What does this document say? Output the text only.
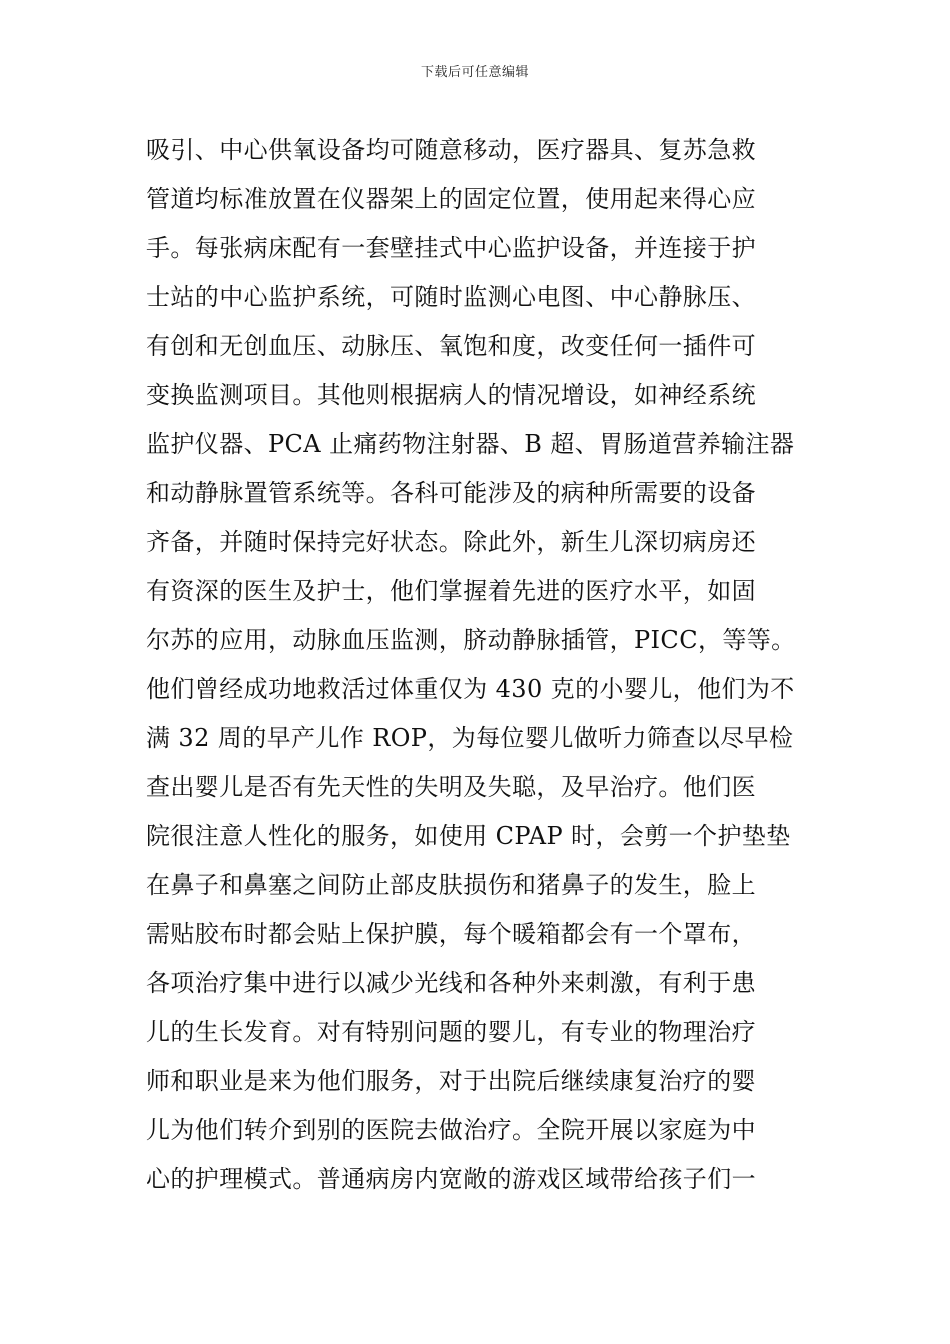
下载后可任意编辑
吸引、中心供氧设备均可随意移动，医疗器具、复苏急救
管道均标准放置在仪器架上的固定位置，使用起来得心应
手。每张病床配有一套壁挂式中心监护设备，并连接于护
士站的中心监护系统，可随时监测心电图、中心静脉压、
有创和无创血压、动脉压、氧饱和度，改变任何一插件可
变换监测项目。其他则根据病人的情况增设，如神经系统
监护仪器、PCA 止痛药物注射器、B 超、胃肠道营养输注器
和动静脉置管系统等。各科可能涉及的病种所需要的设备
齐备，并随时保持完好状态。除此外，新生儿深切病房还
有资深的医生及护士，他们掌握着先进的医疗水平，如固
尔苏的应用，动脉血压监测，脐动静脉插管，PICC，等等。
他们曾经成功地救活过体重仅为 430 克的小婴儿，他们为不
满 32 周的早产儿作 ROP，为每位婴儿做听力筛查以尽早检
查出婴儿是否有先天性的失明及失聪，及早治疗。他们医
院很注意人性化的服务，如使用 CPAP 时，会剪一个护垫垫
在鼻子和鼻塞之间防止部皮肤损伤和猪鼻子的发生，脸上
需贴胶布时都会贴上保护膜，每个暖箱都会有一个罩布，
各项治疗集中进行以减少光线和各种外来刺激，有利于患
儿的生长发育。对有特别问题的婴儿，有专业的物理治疗
师和职业是来为他们服务，对于出院后继续康复治疗的婴
儿为他们转介到别的医院去做治疗。全院开展以家庭为中
心的护理模式。普通病房内宽敞的游戏区域带给孩子们一
